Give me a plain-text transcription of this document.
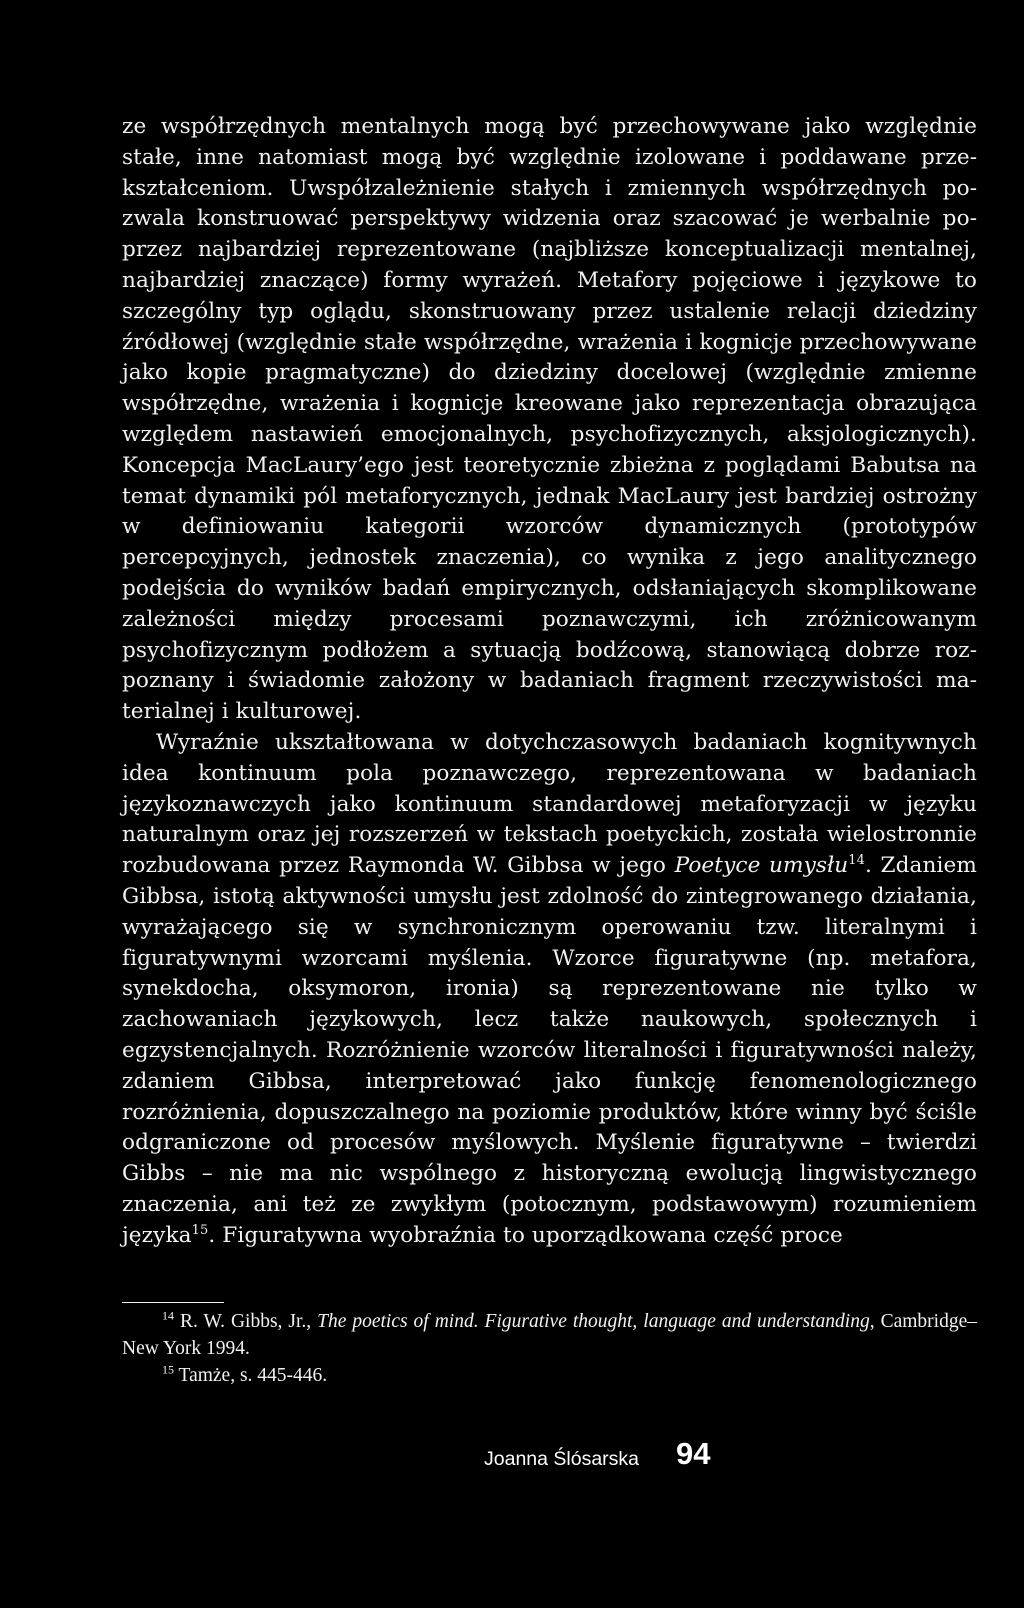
ze współrzędnych mentalnych mogą być przechowywane jako względnie stałe, inne natomiast mogą być względnie izolowane i poddawane przekształceniom. Uwspółzależnienie stałych i zmiennych współrzędnych pozwala konstruować perspektywy widzenia oraz szacować je werbalnie poprzez najbardziej reprezentowane (najbliższe konceptualizacji mentalnej, najbardziej znaczące) formy wyrażeń. Metafory pojęciowe i językowe to szczególny typ oglądu, skonstruowany przez ustalenie relacji dziedziny źródłowej (względnie stałe współrzędne, wrażenia i kognicje przechowywane jako kopie pragmatyczne) do dziedziny docelowej (względnie zmienne współrzędne, wrażenia i kognicje kreowane jako reprezentacja obrazująca względem nastawień emocjonalnych, psychofizycznych, aksjologicznych). Koncepcja MacLaury’ego jest teoretycznie zbieżna z poglądami Babutsa na temat dynamiki pól metaforycznych, jednak MacLaury jest bardziej ostrożny w definiowaniu kategorii wzorców dynamicznych (prototypów percepcyjnych, jednostek znaczenia), co wynika z jego analitycznego podejścia do wyników badań empirycznych, odsłaniających skomplikowane zależności między procesami poznawczymi, ich zróżnicowanym psychofizycznym podłożem a sytuacją bodźcową, stanowiącą dobrze rozpoznany i świadomie założony w badaniach fragment rzeczywistości materialnej i kulturowej.

Wyraźnie ukształtowana w dotychczasowych badaniach kognitywnych idea kontinuum pola poznawczego, reprezentowana w badaniach językoznawczych jako kontinuum standardowej metaforyzacji w języku naturalnym oraz jej rozszerzeń w tekstach poetyckich, została wielostronnie rozbudowana przez Raymonda W. Gibbsa w jego Poetyce umysłu$^{14}$. Zdaniem Gibbsa, istotą aktywności umysłu jest zdolność do zintegrowanego działania, wyrażającego się w synchronicznym operowaniu tzw. literalnymi i figuratywnymi wzorcami myślenia. Wzorce figuratywne (np. metafora, synekdocha, oksymoron, ironia) są reprezentowane nie tylko w zachowaniach językowych, lecz także naukowych, społecznych i egzystencjalnych. Rozróżnienie wzorców literalności i figuratywności należy, zdaniem Gibbsa, interpretować jako funkcję fenomenologicznego rozróżnienia, dopuszczalnego na poziomie produktów, które winny być ściśle odgraniczone od procesów myślowych. Myślenie figuratywne – twierdzi Gibbs – nie ma nic wspólnego z historyczną ewolucją lingwistycznego znaczenia, ani też ze zwykłym (potocznym, podstawowym) rozumieniem języka$^{15}$. Figuratywna wyobraźnia to uporządkowana część proce

$^{14}$ R. W. Gibbs, Jr., The poetics of mind. Figurative thought, language and understanding, Cambridge–New York 1994.

$^{15}$ Tamże, s. 445-446.

Joanna Ślósarska 94
